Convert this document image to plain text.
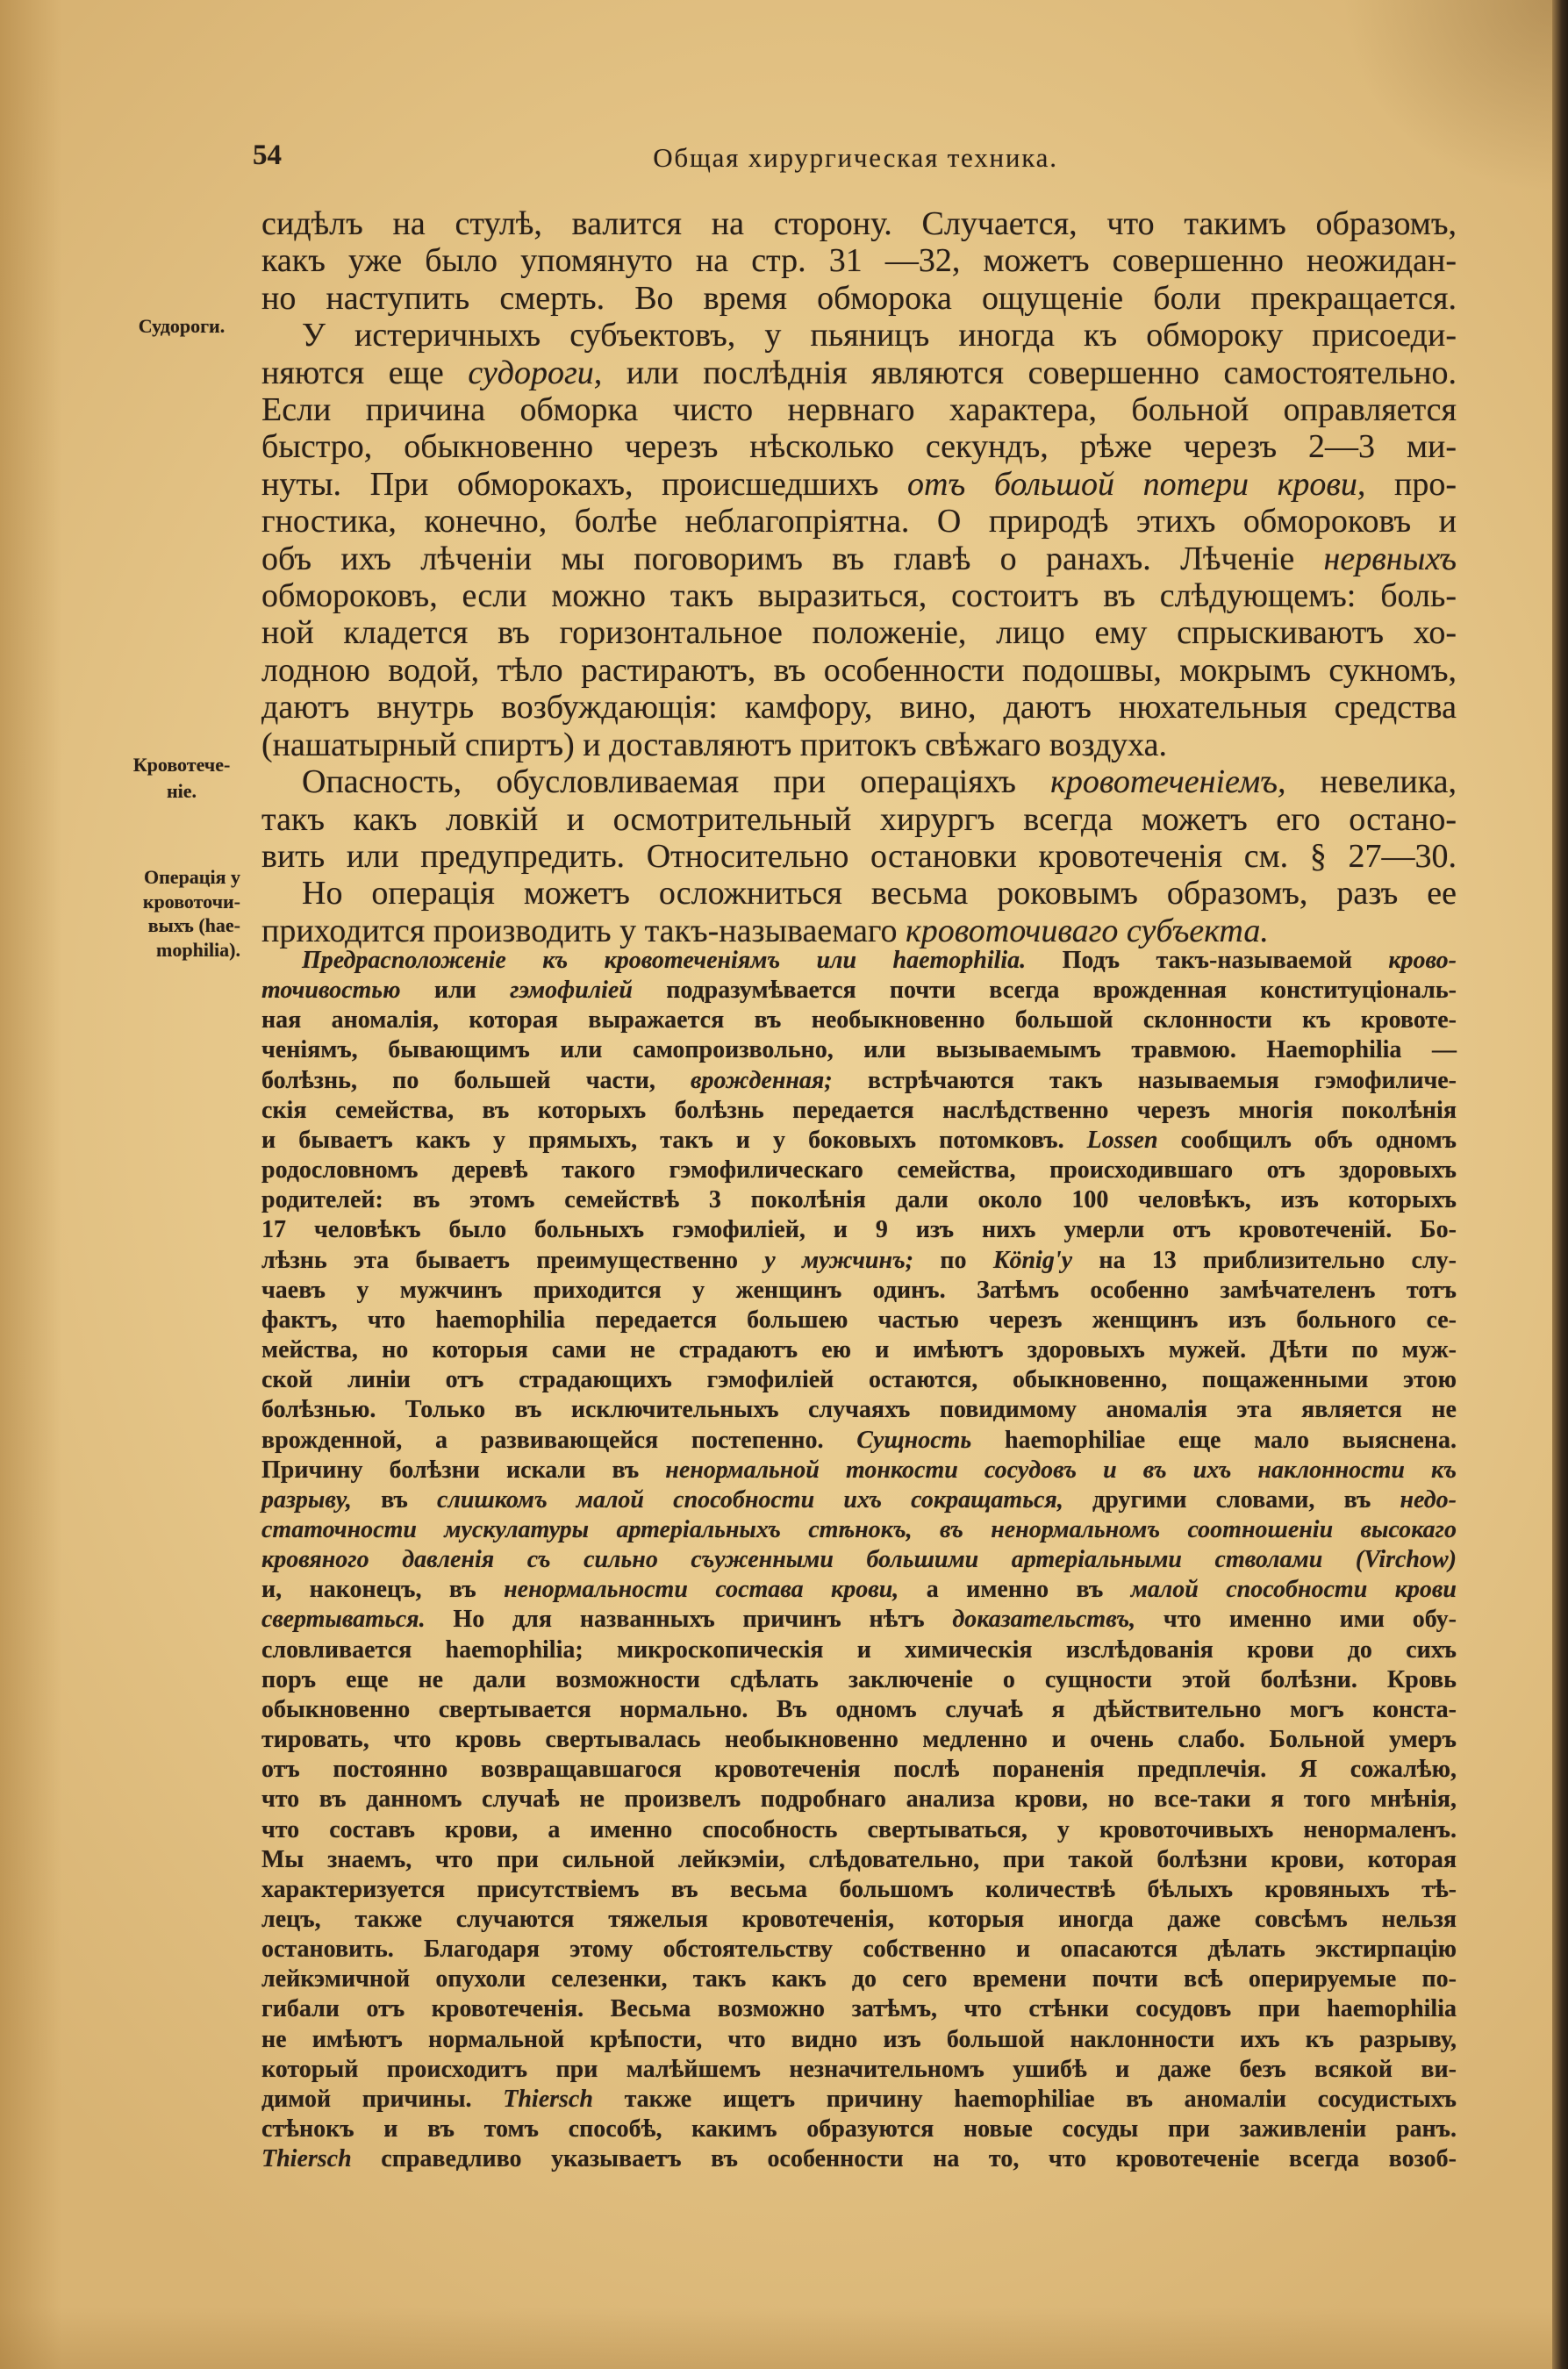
54	Общая хирургическая техника.
Судороги.
Кровотече-
ніе.
Операція у
кровоточи-
выхъ (hae-
mophilia).
сидѣлъ на стулѣ, валится на сторону. Случается, что такимъ образомъ,
какъ уже было упомянуто на стр. 31 —32, можетъ совершенно неожидан-
но наступить смерть. Во время обморока ощущеніе боли прекращается.
У истеричныхъ субъектовъ, у пьяницъ иногда къ обмороку присоеди-
няются еще судороги, или послѣднія являются совершенно самостоятельно.
Если причина обморка чисто нервнаго характера, больной оправляется
быстро, обыкновенно черезъ нѣсколько секундъ, рѣже черезъ 2—3 ми-
нуты. При обморокахъ, происшедшихъ отъ большой потери крови, про-
гностика, конечно, болѣе неблагопріятна. О природѣ этихъ обмороковъ и
объ ихъ лѣченіи мы поговоримъ въ главѣ о ранахъ. Лѣченіе нервныхъ
обмороковъ, если можно такъ выразиться, состоитъ въ слѣдующемъ: боль-
ной кладется въ горизонтальное положеніе, лицо ему спрыскиваютъ хо-
лодною водой, тѣло растираютъ, въ особенности подошвы, мокрымъ сукномъ,
даютъ внутрь возбуждающія: камфору, вино, даютъ нюхательныя средства
(нашатырный спиртъ) и доставляютъ притокъ свѣжаго воздуха.
Опасность, обусловливаемая при операціяхъ кровотеченіемъ, невелика,
такъ какъ ловкій и осмотрительный хирургъ всегда можетъ его остано-
вить или предупредить. Относительно остановки кровотеченія см. § 27—30.
Но операція можетъ осложниться весьма роковымъ образомъ, разъ ее
приходится производить у такъ-называемаго кровоточиваго субъекта.
Предрасположеніе къ кровотеченіямъ или haemophilia. Подъ такъ-называемой крово-
точивостью или гэмофиліей подразумѣвается почти всегда врожденная конституціональ-
ная аномалія, которая выражается въ необыкновенно большой склонности къ кровоте-
ченіямъ, бывающимъ или самопроизвольно, или вызываемымъ травмою. Haemophilia —
болѣзнь, по большей части, врожденная; встрѣчаются такъ называемыя гэмофиличе-
скія семейства, въ которыхъ болѣзнь передается наслѣдственно черезъ многія поколѣнія
и бываетъ какъ у прямыхъ, такъ и у боковыхъ потомковъ. Lossen сообщилъ объ одномъ
родословномъ деревѣ такого гэмофилическаго семейства, происходившаго отъ здоровыхъ
родителей: въ этомъ семействѣ 3 поколѣнія дали около 100 человѣкъ, изъ которыхъ
17 человѣкъ было больныхъ гэмофиліей, и 9 изъ нихъ умерли отъ кровотеченій. Бо-
лѣзнь эта бываетъ преимущественно у мужчинъ; по König'у на 13 приблизительно слу-
чаевъ у мужчинъ приходится у женщинъ одинъ. Затѣмъ особенно замѣчателенъ тотъ
фактъ, что haemophilia передается большею частью черезъ женщинъ изъ больного се-
мейства, но которыя сами не страдаютъ ею и имѣютъ здоровыхъ мужей. Дѣти по муж-
ской линіи отъ страдающихъ гэмофиліей остаются, обыкновенно, пощаженными этою
болѣзнью. Только въ исключительныхъ случаяхъ повидимому аномалія эта является не
врожденной, а развивающейся постепенно. Сущность haemophiliae еще мало выяснена.
Причину болѣзни искали въ ненормальной тонкости сосудовъ и въ ихъ наклонности къ
разрыву, въ слишкомъ малой способности ихъ сокращаться, другими словами, въ недо-
статочности мускулатуры артеріальныхъ стѣнокъ, въ ненормальномъ соотношеніи высокаго
кровяного давленія съ сильно съуженными большими артеріальными стволами (Virchow)
и, наконецъ, въ ненормальности состава крови, а именно въ малой способности крови
свертываться. Но для названныхъ причинъ нѣтъ доказательствъ, что именно ими обу-
словливается haemophilia; микроскопическія и химическія изслѣдованія крови до сихъ
поръ еще не дали возможности сдѣлать заключеніе о сущности этой болѣзни. Кровь
обыкновенно свертывается нормально. Въ одномъ случаѣ я дѣйствительно могъ конста-
тировать, что кровь свертывалась необыкновенно медленно и очень слабо. Больной умеръ
отъ постоянно возвращавшагося кровотеченія послѣ пораненія предплечія. Я сожалѣю,
что въ данномъ случаѣ не произвелъ подробнаго анализа крови, но все-таки я того мнѣнія,
что составъ крови, а именно способность свертываться, у кровоточивыхъ ненормаленъ.
Мы знаемъ, что при сильной лейкэміи, слѣдовательно, при такой болѣзни крови, которая
характеризуется присутствіемъ въ весьма большомъ количествѣ бѣлыхъ кровяныхъ тѣ-
лецъ, также случаются тяжелыя кровотеченія, которыя иногда даже совсѣмъ нельзя
остановить. Благодаря этому обстоятельству собственно и опасаются дѣлать экстирпацію
лейкэмичной опухоли селезенки, такъ какъ до сего времени почти всѣ оперируемые по-
гибали отъ кровотеченія. Весьма возможно затѣмъ, что стѣнки сосудовъ при haemophilia
не имѣютъ нормальной крѣпости, что видно изъ большой наклонности ихъ къ разрыву,
который происходитъ при малѣйшемъ незначительномъ ушибѣ и даже безъ всякой ви-
димой причины. Thiersch также ищетъ причину haemophiliae въ аномаліи сосудистыхъ
стѣнокъ и въ томъ способѣ, какимъ образуются новые сосуды при заживленіи ранъ.
Thiersch справедливо указываетъ въ особенности на то, что кровотеченіе всегда возоб-
